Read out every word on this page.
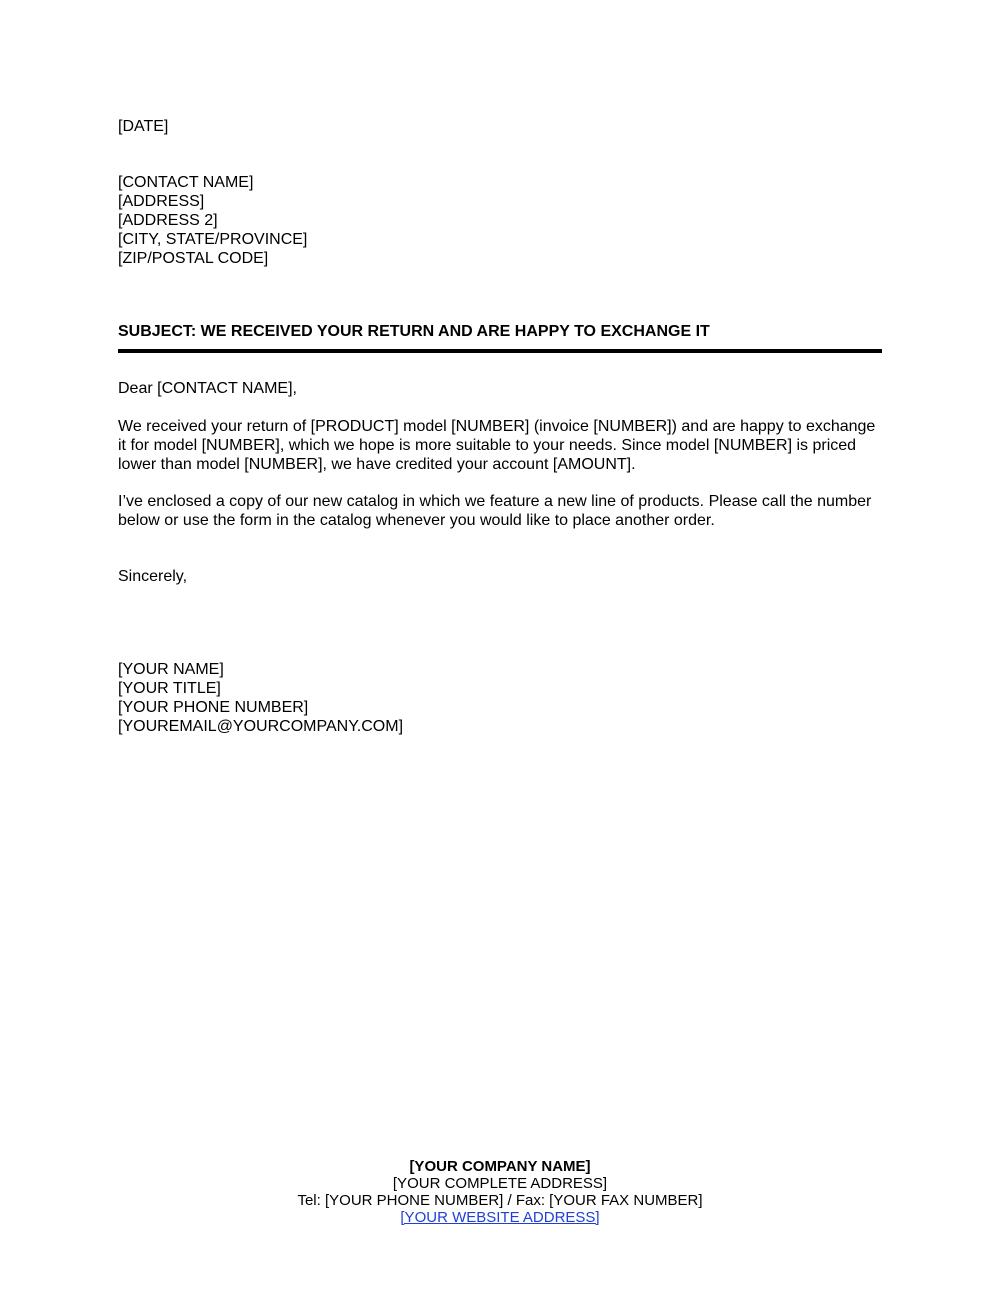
[DATE]
[CONTACT NAME]
[ADDRESS]
[ADDRESS 2]
[CITY, STATE/PROVINCE]
[ZIP/POSTAL CODE]
SUBJECT: WE RECEIVED YOUR RETURN AND ARE HAPPY TO EXCHANGE IT
Dear [CONTACT NAME],
We received your return of [PRODUCT] model [NUMBER] (invoice [NUMBER]) and are happy to exchange it for model [NUMBER], which we hope is more suitable to your needs. Since model [NUMBER] is priced lower than model [NUMBER], we have credited your account [AMOUNT].
I’ve enclosed a copy of our new catalog in which we feature a new line of products. Please call the number below or use the form in the catalog whenever you would like to place another order.
Sincerely,
[YOUR NAME]
[YOUR TITLE]
[YOUR PHONE NUMBER]
[YOUREMAIL@YOURCOMPANY.COM]
[YOUR COMPANY NAME]
[YOUR COMPLETE ADDRESS]
Tel: [YOUR PHONE NUMBER] / Fax: [YOUR FAX NUMBER]
[YOUR WEBSITE ADDRESS]
